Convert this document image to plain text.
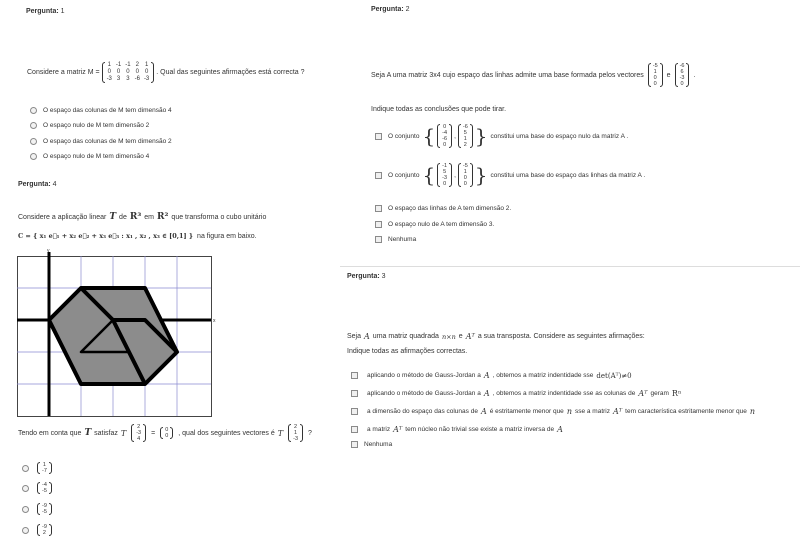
Pergunta: 1
Considere a matriz M =
1	-1	-1	2	1
0	0	0	0	0
-3	3	3	-6	-3
. Qual das seguintes afirmações está correcta ?
O espaço das colunas de M tem dimensão 4
O espaço nulo de M tem dimensão 2
O espaço das colunas de M tem dimensão 2
O espaço nulo de M tem dimensão 4
Pergunta: 4
Considere a aplicação linear T de R³ em R² que transforma o cubo unitário
C = { x₁ e⃗₁ + x₂ e⃗₂ + x₃ e⃗₃ : x₁ , x₂ , x₃ ∈ [0,1] } na figura em baixo.
x
y
Tendo em conta que T satisfaz T
2
-3
4
= 0
0 , qual dos seguintes vectores é T
2
1
-3
?
1
-7
-4
-5
-9
-5
-9
2
Pergunta: 2
Seja A uma matriz 3x4 cujo espaço das linhas admite uma base formada pelos vectores
-5
1
0
0
e
-6
6
-3
0
.
Indique todas as conclusões que pode tirar.
O conjunto { 0
-4
-6
0
,
-6
5
1
2 } constitui uma base do espaço nulo da matriz A .
O conjunto { -1
5
-3
0
,
-5
1
0
0 } constitui uma base do espaço das linhas da matriz A .
O espaço das linhas de A tem dimensão 2.
O espaço nulo de A tem dimensão 3.
Nenhuma
Pergunta: 3
Seja A uma matriz quadrada n×n e Aᵀ a sua transposta. Considere as seguintes afirmações:
Indique todas as afirmações correctas.
aplicando o método de Gauss-Jordan a A , obtemos a matriz indentidade sse det(Aᵀ)≠0
aplicando o método de Gauss-Jordan a A , obtemos a matriz indentidade sse as colunas de Aᵀ geram Rⁿ
a dimensão do espaço das colunas de A é estritamente menor que n sse a matriz Aᵀ tem característica estritamente menor que n
a matriz Aᵀ tem núcleo não trivial sse existe a matriz inversa de A
Nenhuma
